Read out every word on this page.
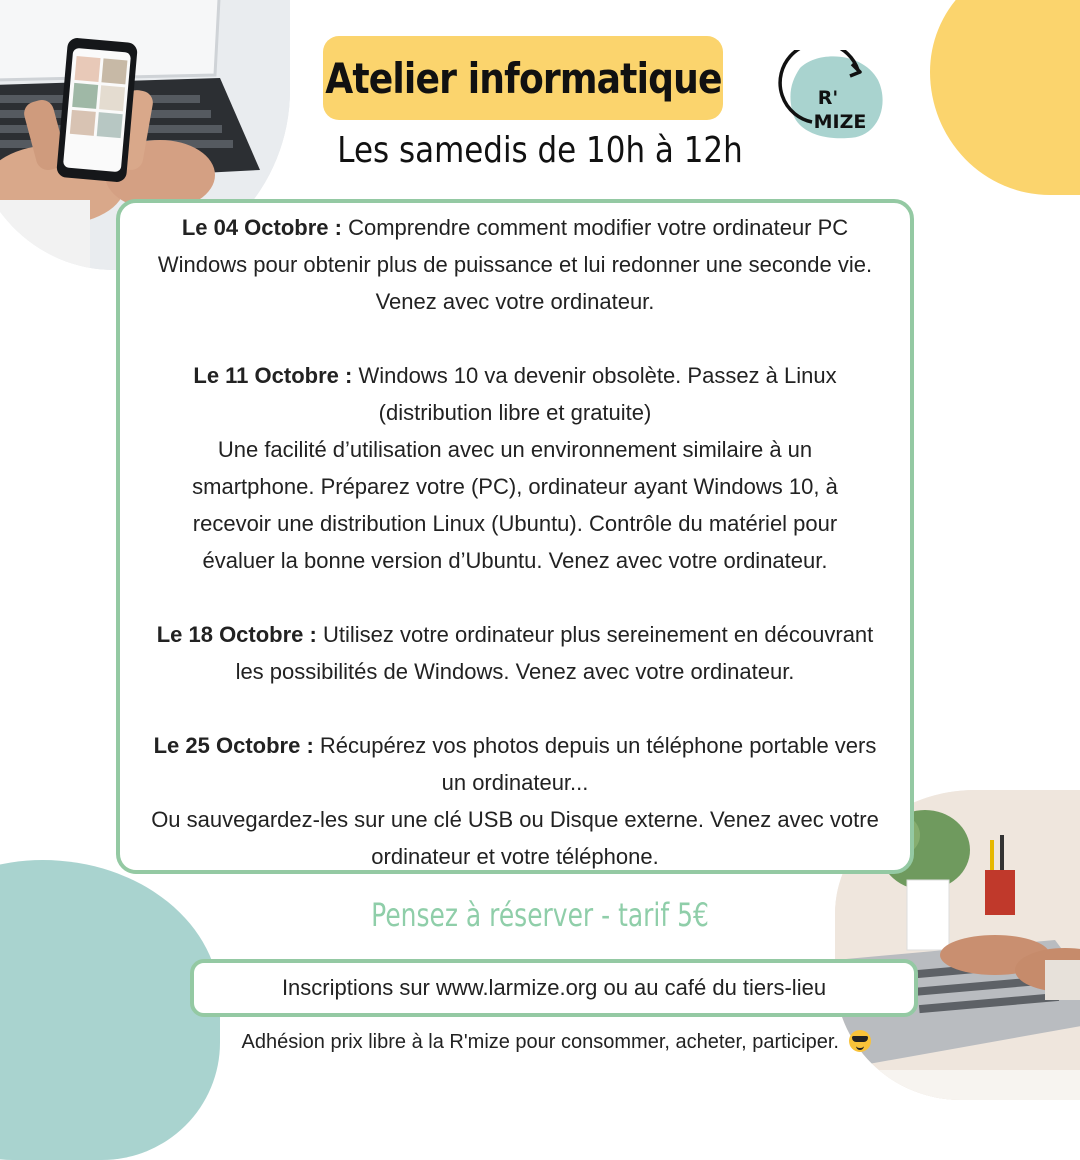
Atelier informatique
Les samedis de 10h à 12h
R'
MIZE

Le 04 Octobre : Comprendre comment modifier votre ordinateur PC
Windows pour obtenir plus de puissance et lui redonner une seconde vie.
Venez avec votre ordinateur.

Le 11 Octobre : Windows 10 va devenir obsolète. Passez à Linux
(distribution libre et gratuite)
Une facilité d’utilisation avec un environnement similaire à un
smartphone. Préparez votre (PC), ordinateur ayant Windows 10, à
recevoir une distribution Linux (Ubuntu). Contrôle du matériel pour
évaluer la bonne version d’Ubuntu. Venez avec votre ordinateur.

Le 18 Octobre : Utilisez votre ordinateur plus sereinement en découvrant
les possibilités de Windows. Venez avec votre ordinateur.

Le 25 Octobre : Récupérez vos photos depuis un téléphone portable vers
un ordinateur...
Ou sauvegardez-les sur une clé USB ou Disque externe. Venez avec votre
ordinateur et votre téléphone.

Pensez à réserver - tarif 5€
Inscriptions sur www.larmize.org ou au café du tiers-lieu
Adhésion prix libre à la R'mize pour consommer, acheter, participer.
